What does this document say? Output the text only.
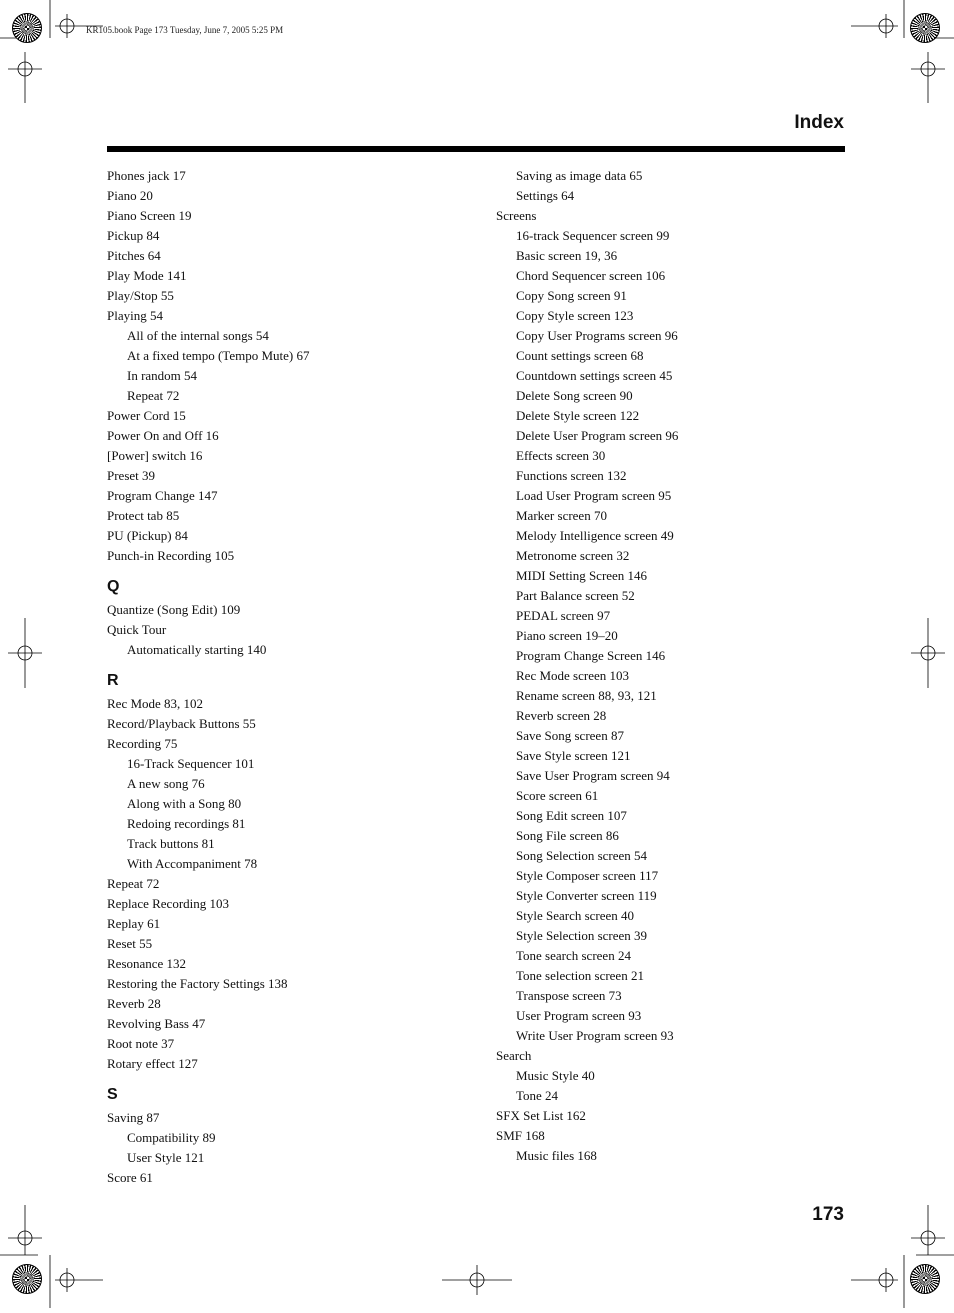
KR105.book Page 173 Tuesday, June 7, 2005 5:25 PM
Index
Phones jack 17
Piano 20
Piano Screen 19
Pickup 84
Pitches 64
Play Mode 141
Play/Stop 55
Playing 54
All of the internal songs 54
At a fixed tempo (Tempo Mute) 67
In random 54
Repeat 72
Power Cord 15
Power On and Off 16
[Power] switch 16
Preset 39
Program Change 147
Protect tab 85
PU (Pickup) 84
Punch-in Recording 105
Q
Quantize (Song Edit) 109
Quick Tour
Automatically starting 140
R
Rec Mode 83, 102
Record/Playback Buttons 55
Recording 75
16-Track Sequencer 101
A new song 76
Along with a Song 80
Redoing recordings 81
Track buttons 81
With Accompaniment 78
Repeat 72
Replace Recording 103
Replay 61
Reset 55
Resonance 132
Restoring the Factory Settings 138
Reverb 28
Revolving Bass 47
Root note 37
Rotary effect 127
S
Saving 87
Compatibility 89
User Style 121
Score 61
Saving as image data 65
Settings 64
Screens
16-track Sequencer screen 99
Basic screen 19, 36
Chord Sequencer screen 106
Copy Song screen 91
Copy Style screen 123
Copy User Programs screen 96
Count settings screen 68
Countdown settings screen 45
Delete Song screen 90
Delete Style screen 122
Delete User Program screen 96
Effects screen 30
Functions screen 132
Load User Program screen 95
Marker screen 70
Melody Intelligence screen 49
Metronome screen 32
MIDI Setting Screen 146
Part Balance screen 52
PEDAL screen 97
Piano screen 19–20
Program Change Screen 146
Rec Mode screen 103
Rename screen 88, 93, 121
Reverb screen 28
Save Song screen 87
Save Style screen 121
Save User Program screen 94
Score screen 61
Song Edit screen 107
Song File screen 86
Song Selection screen 54
Style Composer screen 117
Style Converter screen 119
Style Search screen 40
Style Selection screen 39
Tone search screen 24
Tone selection screen 21
Transpose screen 73
User Program screen 93
Write User Program screen 93
Search
Music Style 40
Tone 24
SFX Set List 162
SMF 168
Music files 168
173
